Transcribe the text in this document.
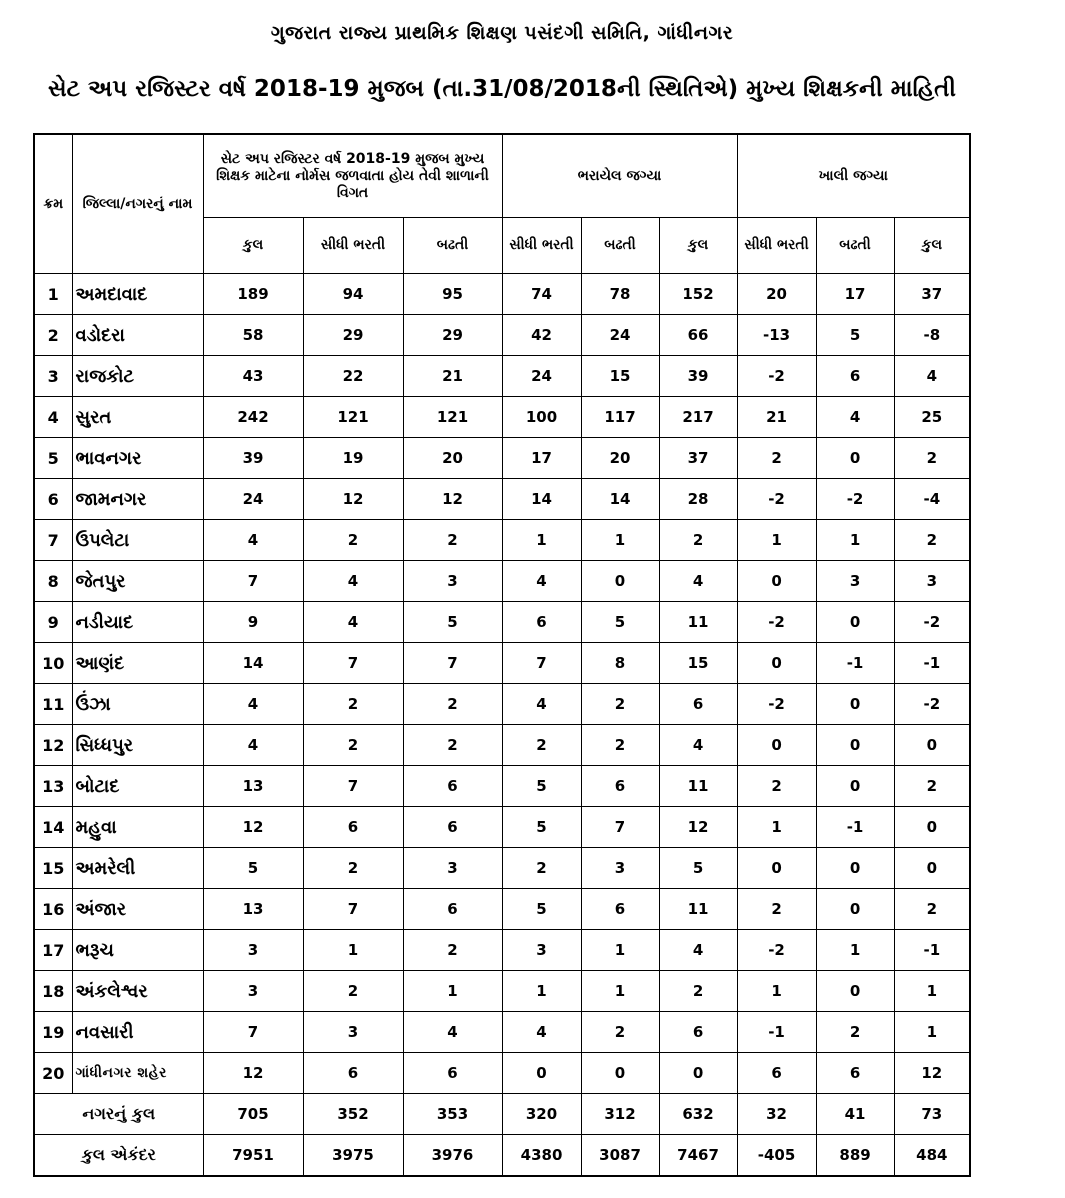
ગુજરાત રાજ્ય પ્રાથમિક શિક્ષણ પસંદગી સમિતિ, ગાંધીનગર
સેટ અપ રજિસ્ટર વર્ષ 2018-19 મુજબ (તા.31/08/2018ની સ્થિતિએ) મુખ્ય શિક્ષકની માહિતી
ક્રમ	જિલ્લા/નગરનું નામ	સેટ અપ રજિસ્ટર વર્ષ 2018-19 મુજબ મુખ્ય શિક્ષક માટેના નોર્મસ જળવાતા હોય તેવી શાળાની વિગત			ભરાયેલ જગ્યા			ખાલી જગ્યા		
		કુલ	સીધી ભરતી	બઢતી	સીધી ભરતી	બઢતી	કુલ	સીધી ભરતી	બઢતી	કુલ
1	અમદાવાદ	189	94	95	74	78	152	20	17	37
2	વડોદરા	58	29	29	42	24	66	-13	5	-8
3	રાજકોટ	43	22	21	24	15	39	-2	6	4
4	સુરત	242	121	121	100	117	217	21	4	25
5	ભાવનગર	39	19	20	17	20	37	2	0	2
6	જામનગર	24	12	12	14	14	28	-2	-2	-4
7	ઉપલેટા	4	2	2	1	1	2	1	1	2
8	જેતપુર	7	4	3	4	0	4	0	3	3
9	નડીયાદ	9	4	5	6	5	11	-2	0	-2
10	આણંદ	14	7	7	7	8	15	0	-1	-1
11	ઉંઝા	4	2	2	4	2	6	-2	0	-2
12	સિધ્ધપુર	4	2	2	2	2	4	0	0	0
13	બોટાદ	13	7	6	5	6	11	2	0	2
14	મહુવા	12	6	6	5	7	12	1	-1	0
15	અમરેલી	5	2	3	2	3	5	0	0	0
16	અંજાર	13	7	6	5	6	11	2	0	2
17	ભરૂચ	3	1	2	3	1	4	-2	1	-1
18	અંકલેશ્વર	3	2	1	1	1	2	1	0	1
19	નવસારી	7	3	4	4	2	6	-1	2	1
20	ગાંધીનગર શહેર	12	6	6	0	0	0	6	6	12
નગરનું કુલ		705	352	353	320	312	632	32	41	73
કુલ એકંદર		7951	3975	3976	4380	3087	7467	-405	889	484
